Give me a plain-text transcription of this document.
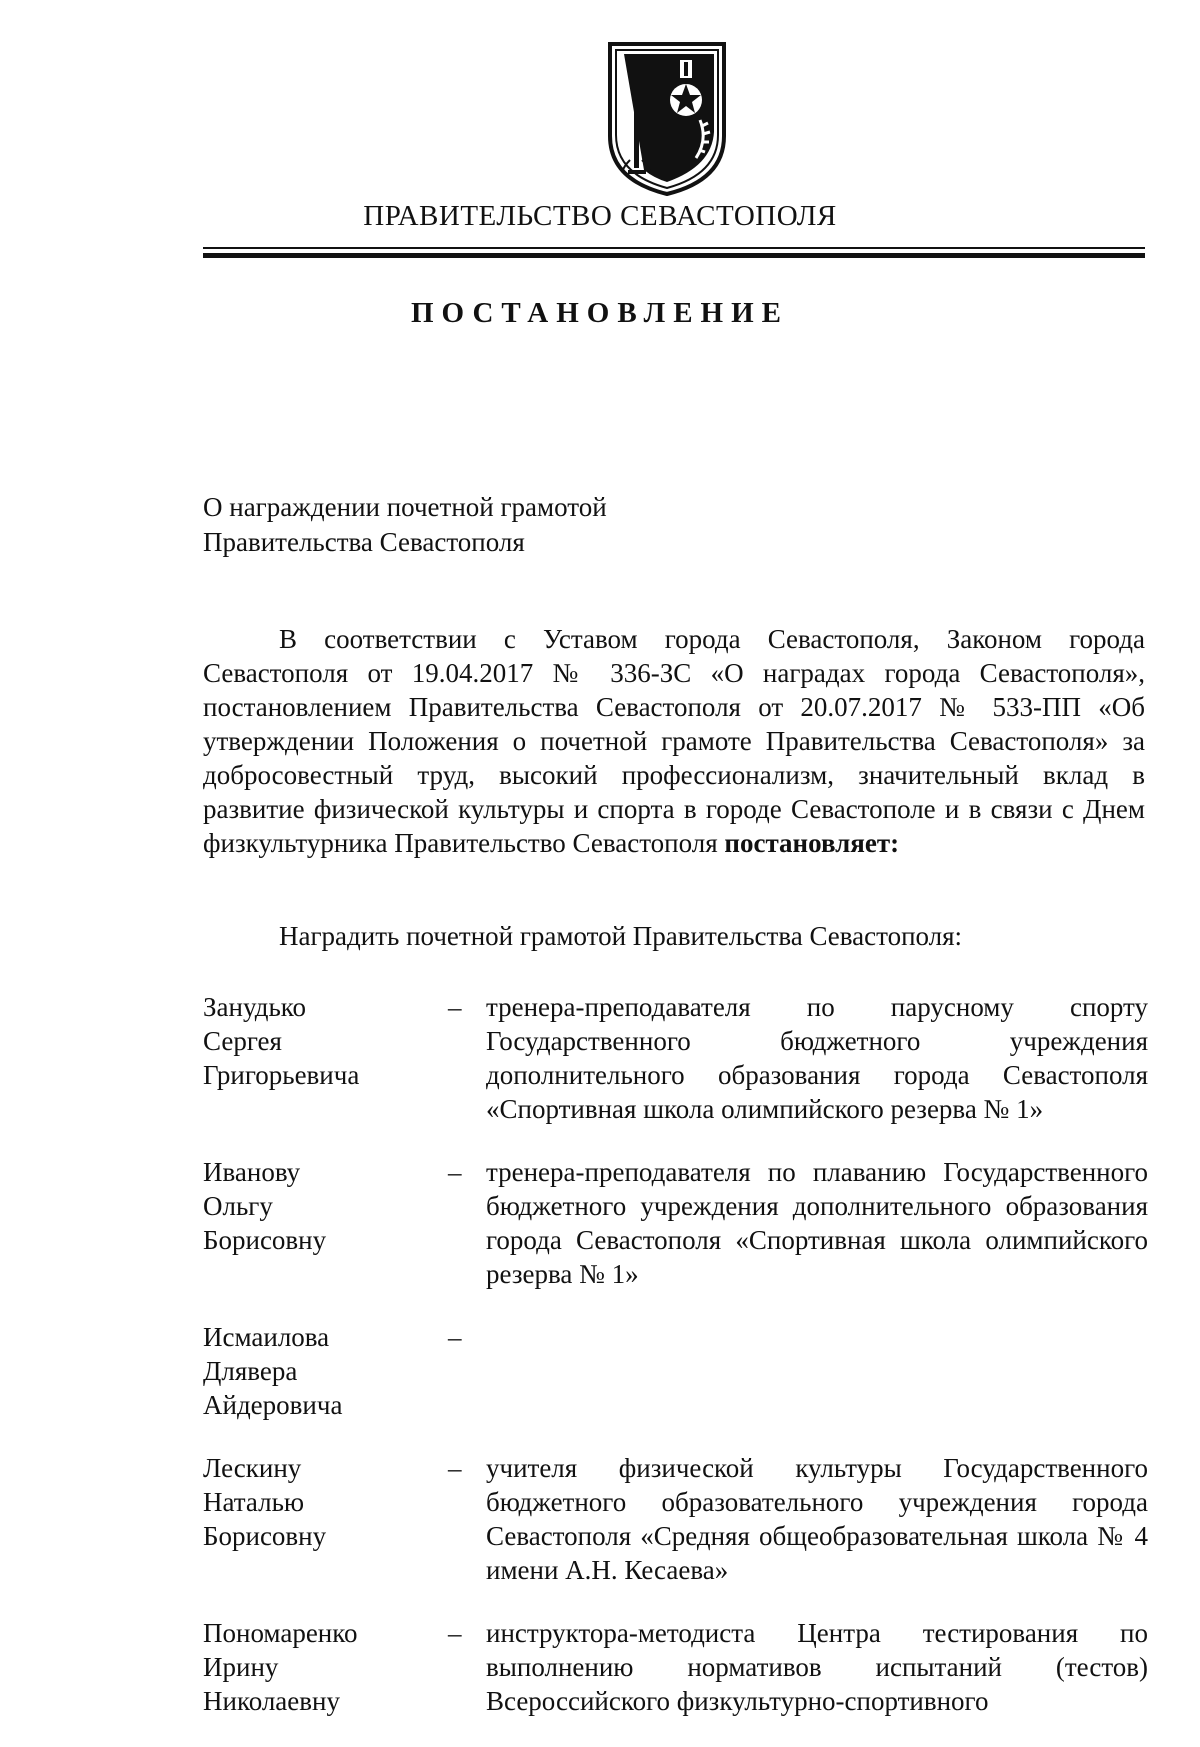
ПРАВИТЕЛЬСТВО СЕВАСТОПОЛЯ
ПОСТАНОВЛЕНИЕ
О награждении почетной грамотой
Правительства Севастополя
В соответствии с Уставом города Севастополя, Законом города Севастополя от 19.04.2017 № 336-ЗС «О наградах города Севастополя», постановлением Правительства Севастополя от 20.07.2017 № 533-ПП «Об утверждении Положения о почетной грамоте Правительства Севастополя» за добросовестный труд, высокий профессионализм, значительный вклад в развитие физической культуры и спорта в городе Севастополе и в связи с Днем физкультурника Правительство Севастополя постановляет:
Наградить почетной грамотой Правительства Севастополя:
Занудько
Сергея
Григорьевича
– тренера-преподавателя по парусному спорту Государственного бюджетного учреждения дополнительного образования города Севастополя «Спортивная школа олимпийского резерва № 1»
Иванову
Ольгу
Борисовну
– тренера-преподавателя по плаванию Государственного бюджетного учреждения дополнительного образования города Севастополя «Спортивная школа олимпийского резерва № 1»
Исмаилова
Длявера
Айдеровича
–
Лескину
Наталью
Борисовну
– учителя физической культуры Государственного бюджетного образовательного учреждения города Севастополя «Средняя общеобразовательная школа № 4 имени А.Н. Кесаева»
Пономаренко
Ирину
Николаевну
– инструктора-методиста Центра тестирования по выполнению нормативов испытаний (тестов) Всероссийского физкультурно-спортивного
